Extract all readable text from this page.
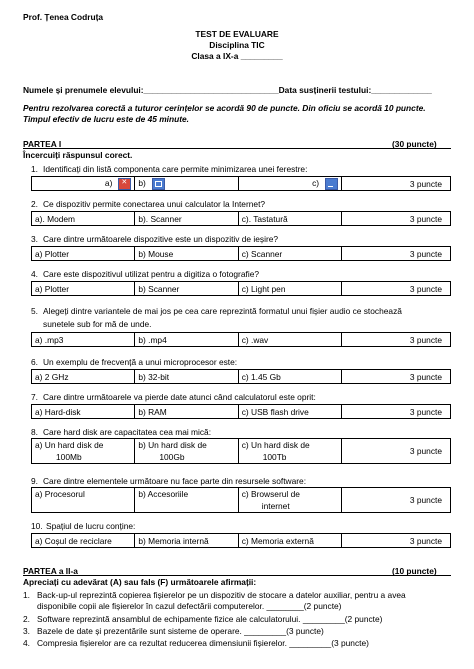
Prof. Țenea Codruța
TEST DE EVALUARE
Disciplina TIC
Clasa a IX-a _________
Numele și prenumele elevului:_____________________________Data susținerii testului:_____________
Pentru rezolvarea corectă a tuturor cerințelor se acordă 90 de puncte. Din oficiu se acordă 10 puncte.
Timpul efectiv de lucru este de 45 minute.
PARTEA I	(30 puncte)
Încercuiți răspunsul corect.
1. Identificați din listă componenta care permite minimizarea unei ferestre:
a)✕	b)	c)	3 puncte
2. Ce dispozitiv permite conectarea unui calculator la Internet?
a). Modem	b). Scanner	c). Tastatură	3 puncte
3. Care dintre următoarele dispozitive este un dispozitiv de ieșire?
a) Plotter	b) Mouse	c) Scanner	3 puncte
4. Care este dispozitivul utilizat pentru a digitiza o fotografie?
a) Plotter	b) Scanner	c) Light pen	3 puncte
5. Alegeți dintre variantele de mai jos pe cea care reprezintă formatul unui fișier audio ce stochează
sunetele sub for mă de unde.
a) .mp3	b) .mp4	c) .wav	3 puncte
6. Un exemplu de frecvență a unui microprocesor este:
a) 2 GHz	b) 32-bit	c) 1.45 Gb	3 puncte
7. Care dintre următoarele va pierde date atunci când calculatorul este oprit:
a) Hard-disk	b) RAM	c) USB flash drive	3 puncte
8. Care hard disk are capacitatea cea mai mică:
a) Un hard disk de
100Mb

b) Un hard disk de
100Gb

c) Un hard disk de
100Tb
	3 puncte
9. Care dintre elementele următoare nu face parte din resursele software:
a) Procesorul	b) Accesoriile	c) Browserul de
internet
	3 puncte
10. Spațiul de lucru conține:
a) Coșul de reciclare	b) Memoria internă	c) Memoria externă	3 puncte
PARTEA a II-a	(10 puncte)
Apreciați cu adevărat (A) sau fals (F) următoarele afirmații:
1. Back-up-ul reprezintă copierea fișierelor pe un dispozitiv de stocare a datelor auxiliar, pentru a avea
disponibile copii ale fișierelor în cazul defectării computerelor. ________(2 puncte)
2. Software reprezintă ansamblul de echipamente fizice ale calculatorului. _________(2 puncte)
3. Bazele de date și prezentările sunt sisteme de operare. _________(3 puncte)
4. Compresia fișierelor are ca rezultat reducerea dimensiunii fișierelor. _________(3 puncte)
